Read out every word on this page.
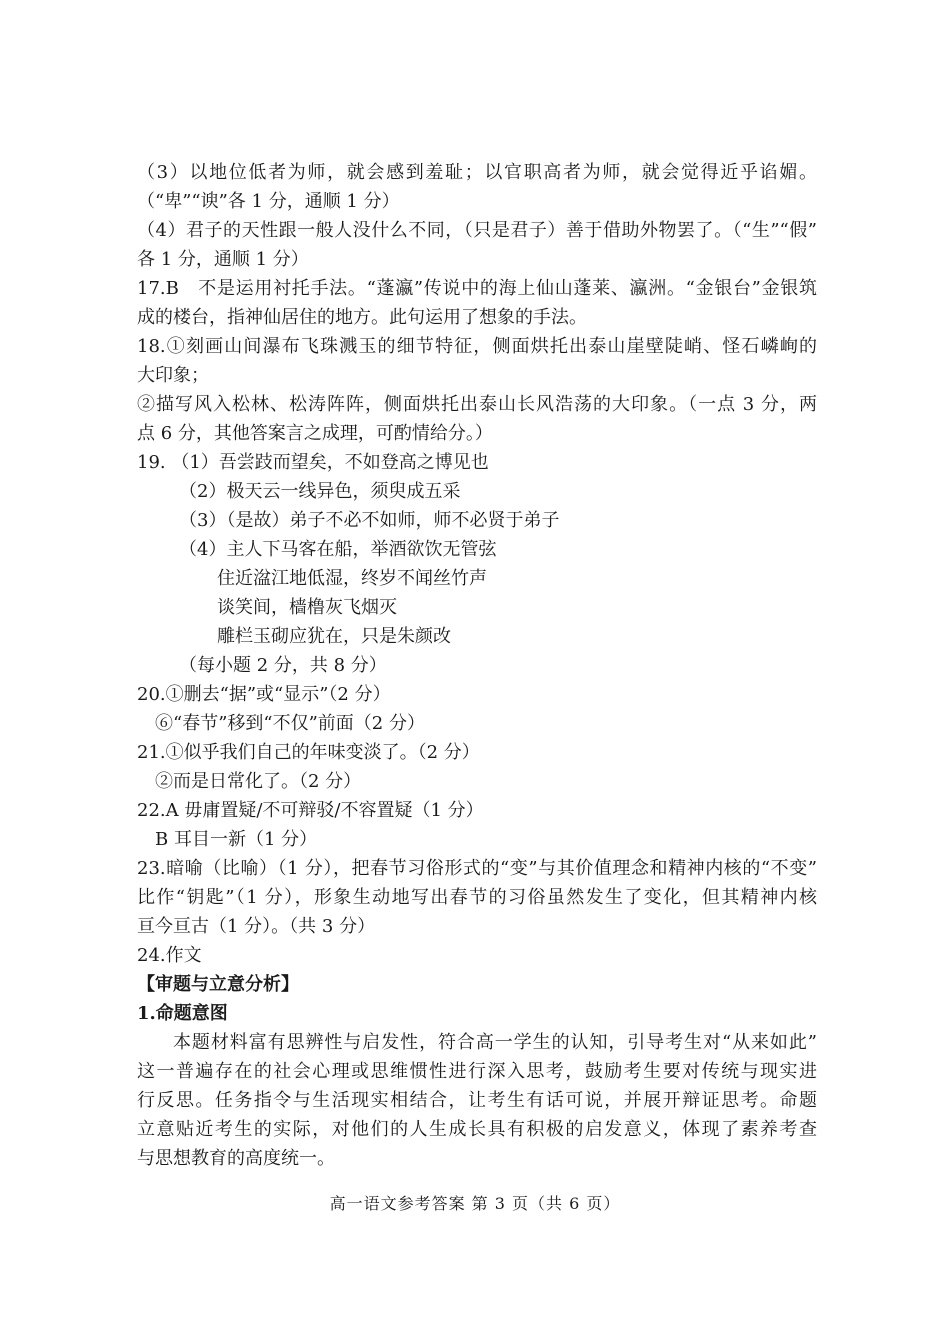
（3）以地位低者为师，就会感到羞耻；以官职高者为师，就会觉得近乎谄媚。

（“卑”“谀”各 1 分，通顺 1 分）

（4）君子的天性跟一般人没什么不同，（只是君子）善于借助外物罢了。（“生”“假”

各 1 分，通顺 1 分）

17.B　不是运用衬托手法。“蓬瀛”传说中的海上仙山蓬莱、瀛洲。“金银台”金银筑

成的楼台，指神仙居住的地方。此句运用了想象的手法。

18.①刻画山间瀑布飞珠溅玉的细节特征，侧面烘托出泰山崖壁陡峭、怪石嶙峋的

大印象；

②描写风入松林、松涛阵阵，侧面烘托出泰山长风浩荡的大印象。（一点 3 分，两

点 6 分，其他答案言之成理，可酌情给分。）

19. （1）吾尝跂而望矣，不如登高之博见也

（2）极天云一线异色，须臾成五采

（3）（是故）弟子不必不如师，师不必贤于弟子

（4）主人下马客在船，举酒欲饮无管弦

住近湓江地低湿，终岁不闻丝竹声

谈笑间，樯橹灰飞烟灭

雕栏玉砌应犹在，只是朱颜改

（每小题 2 分，共 8 分）

20.①删去“据”或“显示”（2 分）

⑥“春节”移到“不仅”前面（2 分）

21.①似乎我们自己的年味变淡了。（2 分）

②而是日常化了。（2 分）

22.A 毋庸置疑/不可辩驳/不容置疑（1 分）

B 耳目一新（1 分）

23.暗喻（比喻）（1 分），把春节习俗形式的“变”与其价值理念和精神内核的“不变”

比作“钥匙”（1 分），形象生动地写出春节的习俗虽然发生了变化，但其精神内核

亘今亘古（1 分）。（共 3 分）

24.作文

【审题与立意分析】

1.命题意图

本题材料富有思辨性与启发性，符合高一学生的认知，引导考生对“从来如此”

这一普遍存在的社会心理或思维惯性进行深入思考，鼓励考生要对传统与现实进

行反思。任务指令与生活现实相结合，让考生有话可说，并展开辩证思考。命题

立意贴近考生的实际，对他们的人生成长具有积极的启发意义，体现了素养考查

与思想教育的高度统一。

高一语文参考答案 第 3 页（共 6 页）
